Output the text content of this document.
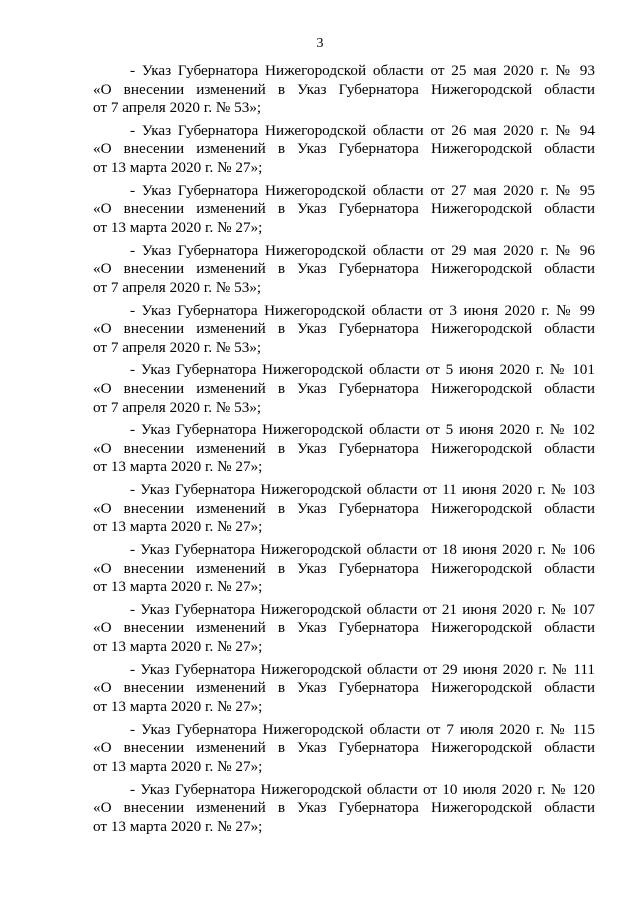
3
- Указ Губернатора Нижегородской области от 25 мая 2020 г. № 93
«О внесении изменений в Указ Губернатора Нижегородской области
от 7 апреля 2020 г. № 53»;
- Указ Губернатора Нижегородской области от 26 мая 2020 г. № 94
«О внесении изменений в Указ Губернатора Нижегородской области
от 13 марта 2020 г. № 27»;
- Указ Губернатора Нижегородской области от 27 мая 2020 г. № 95
«О внесении изменений в Указ Губернатора Нижегородской области
от 13 марта 2020 г. № 27»;
- Указ Губернатора Нижегородской области от 29 мая 2020 г. № 96
«О внесении изменений в Указ Губернатора Нижегородской области
от 7 апреля 2020 г. № 53»;
- Указ Губернатора Нижегородской области от 3 июня 2020 г. № 99
«О внесении изменений в Указ Губернатора Нижегородской области
от 7 апреля 2020 г. № 53»;
- Указ Губернатора Нижегородской области от 5 июня 2020 г. № 101
«О внесении изменений в Указ Губернатора Нижегородской области
от 7 апреля 2020 г. № 53»;
- Указ Губернатора Нижегородской области от 5 июня 2020 г. № 102
«О внесении изменений в Указ Губернатора Нижегородской области
от 13 марта 2020 г. № 27»;
- Указ Губернатора Нижегородской области от 11 июня 2020 г. № 103
«О внесении изменений в Указ Губернатора Нижегородской области
от 13 марта 2020 г. № 27»;
- Указ Губернатора Нижегородской области от 18 июня 2020 г. № 106
«О внесении изменений в Указ Губернатора Нижегородской области
от 13 марта 2020 г. № 27»;
- Указ Губернатора Нижегородской области от 21 июня 2020 г. № 107
«О внесении изменений в Указ Губернатора Нижегородской области
от 13 марта 2020 г. № 27»;
- Указ Губернатора Нижегородской области от 29 июня 2020 г. № 111
«О внесении изменений в Указ Губернатора Нижегородской области
от 13 марта 2020 г. № 27»;
- Указ Губернатора Нижегородской области от 7 июля 2020 г. № 115
«О внесении изменений в Указ Губернатора Нижегородской области
от 13 марта 2020 г. № 27»;
- Указ Губернатора Нижегородской области от 10 июля 2020 г. № 120
«О внесении изменений в Указ Губернатора Нижегородской области
от 13 марта 2020 г. № 27»;
